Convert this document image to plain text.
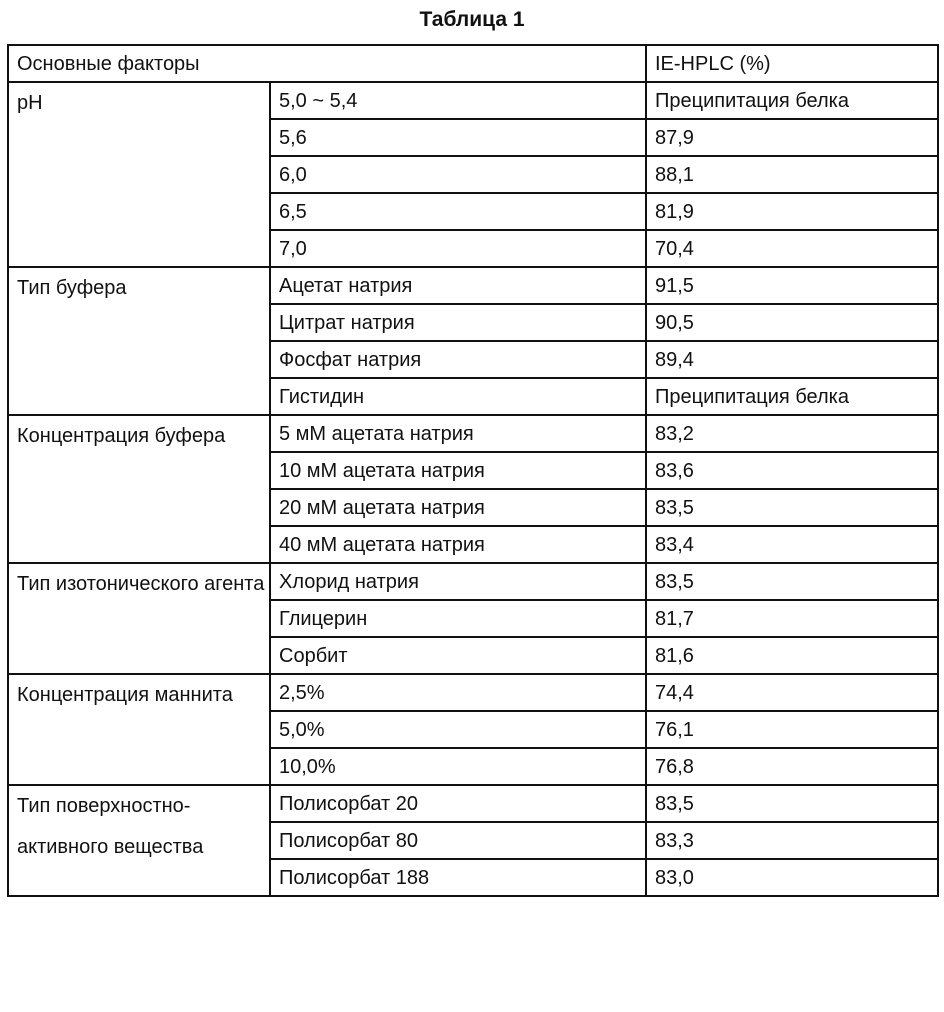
Таблица 1
Основные факторы		IE-HPLC (%)
pH	5,0 ~ 5,4	Преципитация белка
	5,6	87,9
	6,0	88,1
	6,5	81,9
	7,0	70,4
Тип буфера	Ацетат натрия	91,5
	Цитрат натрия	90,5
	Фосфат натрия	89,4
	Гистидин	Преципитация белка
Концентрация буфера	5 мМ ацетата натрия	83,2
	10 мМ ацетата натрия	83,6
	20 мМ ацетата натрия	83,5
	40 мМ ацетата натрия	83,4
Тип изотонического агента	Хлорид натрия	83,5
	Глицерин	81,7
	Сорбит	81,6
Концентрация маннита	2,5%	74,4
	5,0%	76,1
	10,0%	76,8
Тип поверхностно-активного вещества	Полисорбат 20	83,5
	Полисорбат 80	83,3
	Полисорбат 188	83,0
